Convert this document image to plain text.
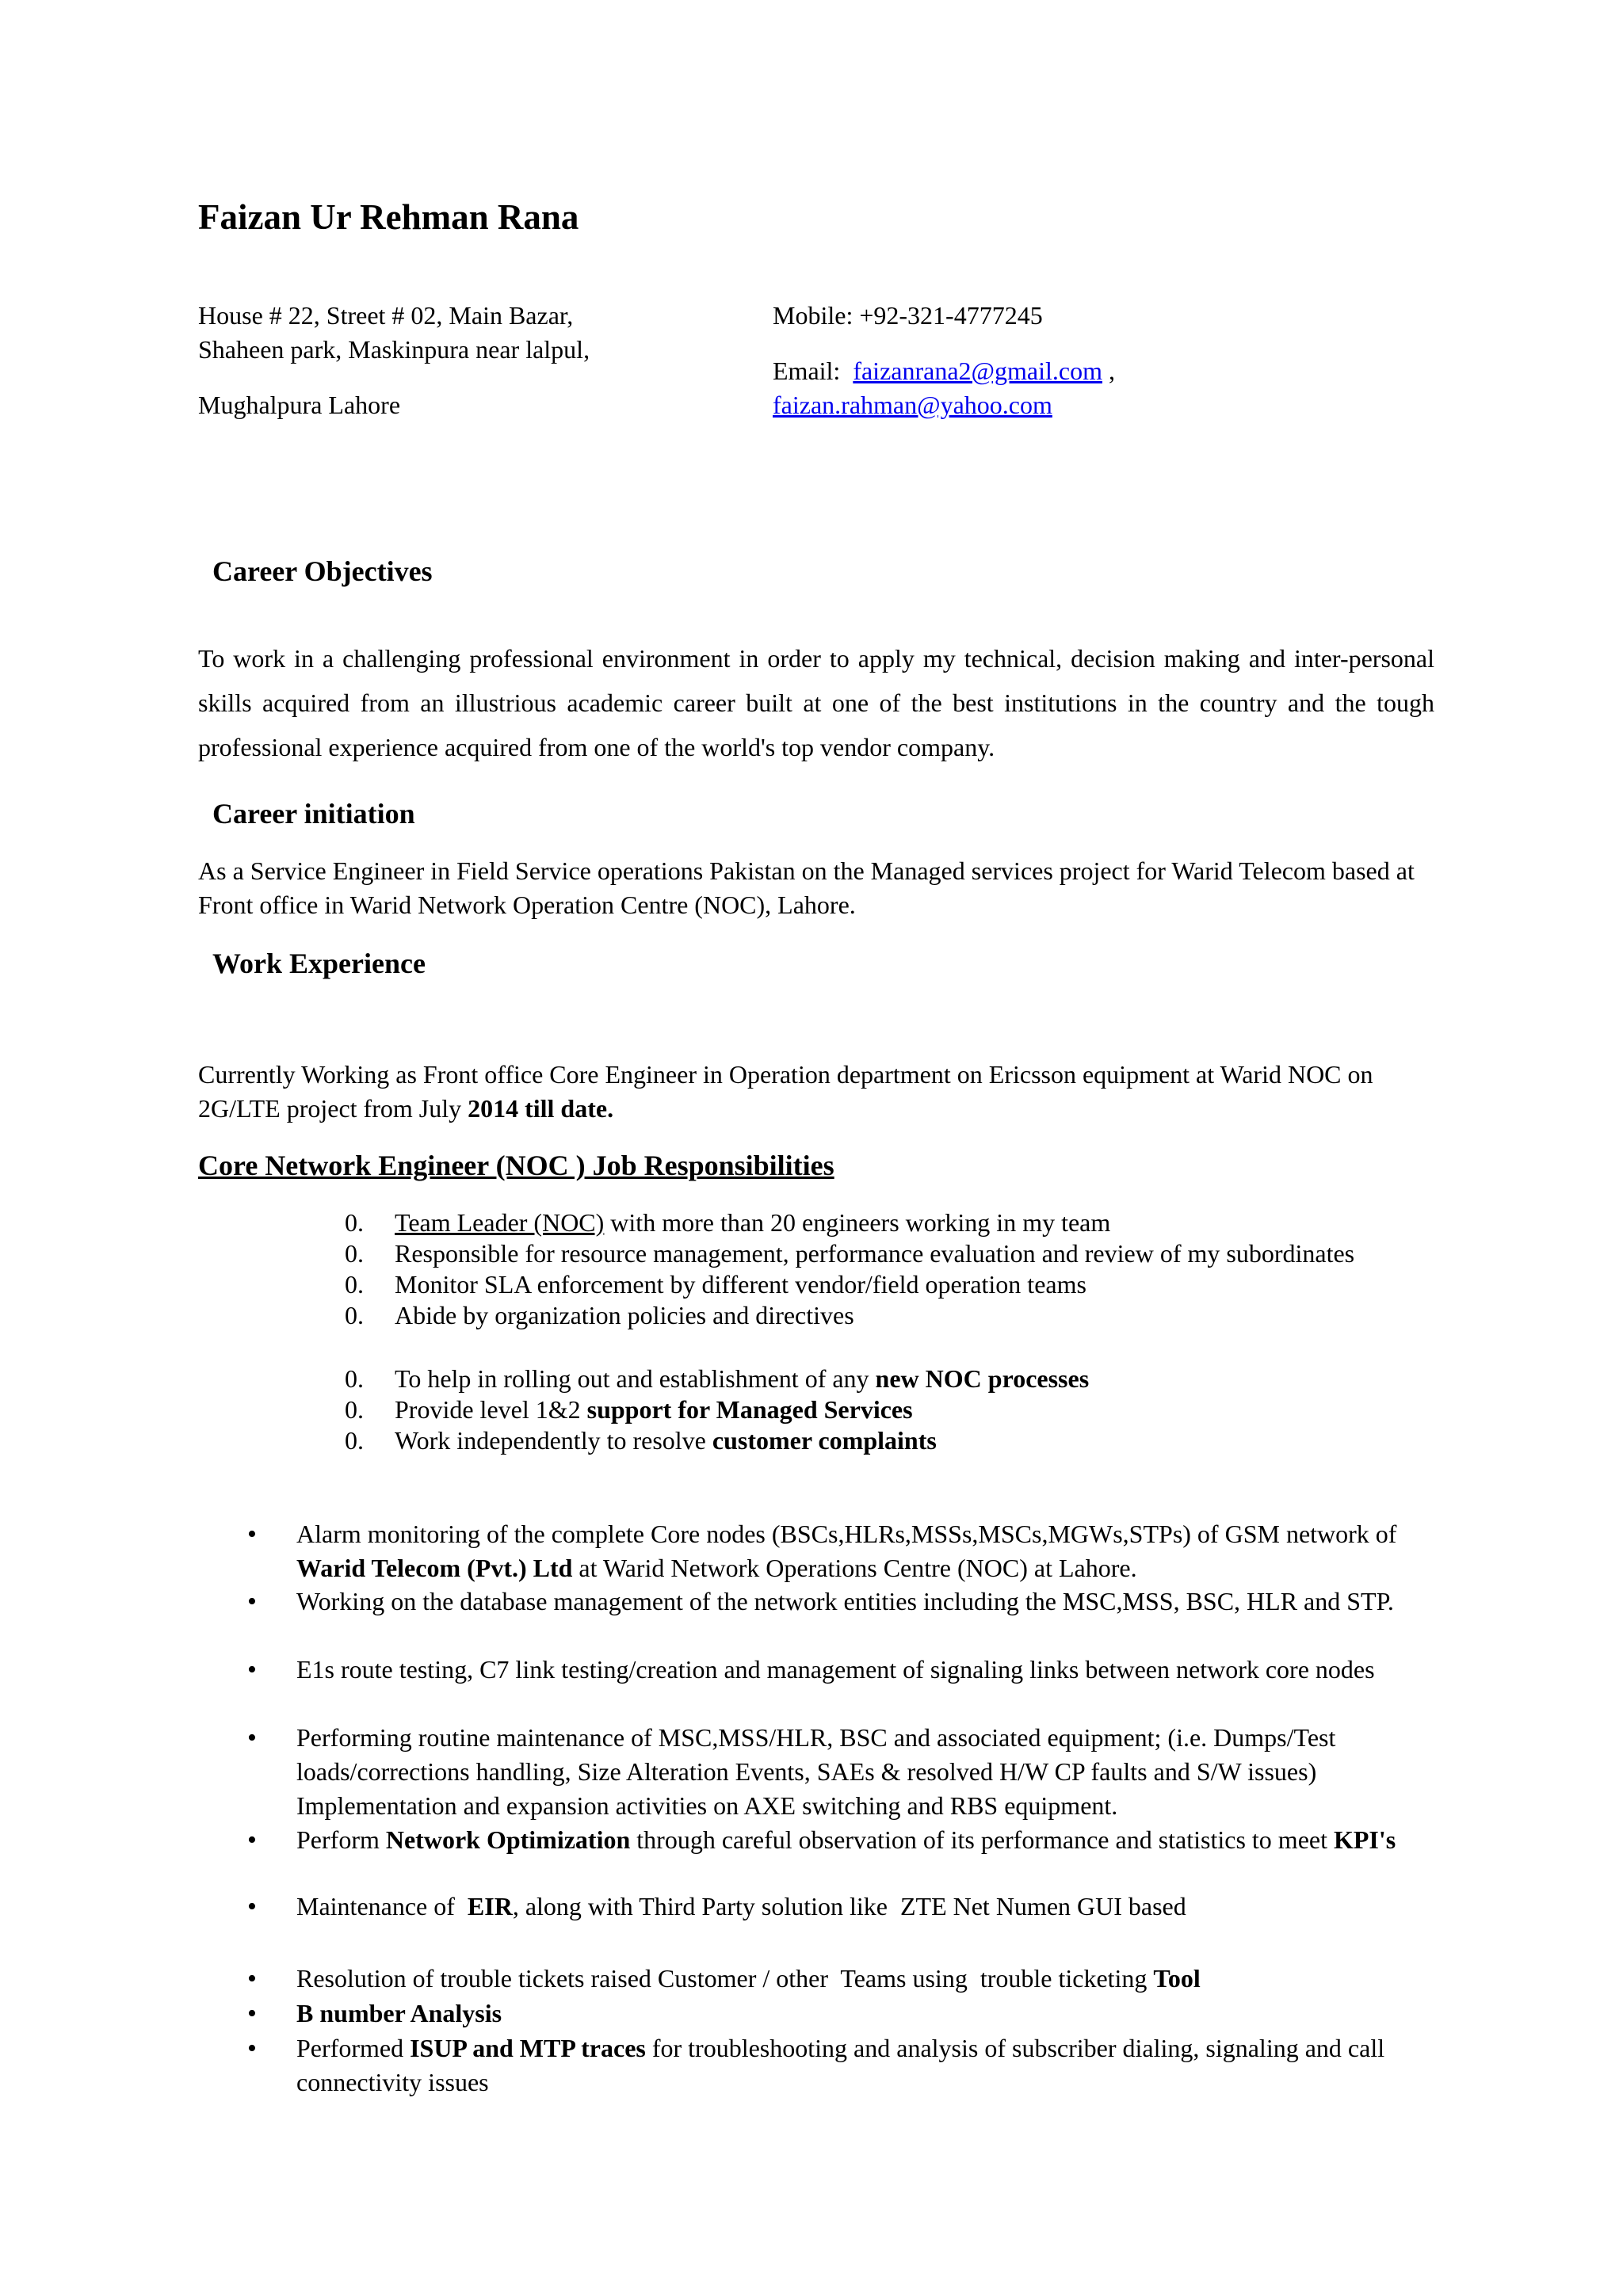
Faizan Ur Rehman Rana
House # 22, Street # 02, Main Bazar,
Shaheen park, Maskinpura near lalpul,
Mughalpura Lahore
Mobile: +92-321-4777245
Email: faizanrana2@gmail.com ,
faizan.rahman@yahoo.com
Career Objectives
To work in a challenging professional environment in order to apply my technical, decision making and inter-personal skills acquired from an illustrious academic career built at one of the best institutions in the country and the tough professional experience acquired from one of the world's top vendor company.
Career initiation
As a Service Engineer in Field Service operations Pakistan on the Managed services project for Warid Telecom based at Front office in Warid Network Operation Centre (NOC), Lahore.
Work Experience
Currently Working as Front office Core Engineer in Operation department on Ericsson equipment at Warid NOC on 2G/LTE project from July 2014 till date.
Core Network Engineer (NOC ) Job Responsibilities
0. Team Leader (NOC) with more than 20 engineers working in my team
0. Responsible for resource management, performance evaluation and review of my subordinates
0. Monitor SLA enforcement by different vendor/field operation teams
0. Abide by organization policies and directives
0. To help in rolling out and establishment of any new NOC processes
0. Provide level 1&2 support for Managed Services
0. Work independently to resolve customer complaints
• Alarm monitoring of the complete Core nodes (BSCs,HLRs,MSSs,MSCs,MGWs,STPs) of GSM network of Warid Telecom (Pvt.) Ltd at Warid Network Operations Centre (NOC) at Lahore.
• Working on the database management of the network entities including the MSC,MSS, BSC, HLR and STP.
• E1s route testing, C7 link testing/creation and management of signaling links between network core nodes
• Performing routine maintenance of MSC,MSS/HLR, BSC and associated equipment; (i.e. Dumps/Test loads/corrections handling, Size Alteration Events, SAEs & resolved H/W CP faults and S/W issues) Implementation and expansion activities on AXE switching and RBS equipment.
• Perform Network Optimization through careful observation of its performance and statistics to meet KPI's
• Maintenance of  EIR, along with Third Party solution like  ZTE Net Numen GUI based
• Resolution of trouble tickets raised Customer / other  Teams using  trouble ticketing Tool
• B number Analysis
• Performed ISUP and MTP traces for troubleshooting and analysis of subscriber dialing, signaling and call connectivity issues
